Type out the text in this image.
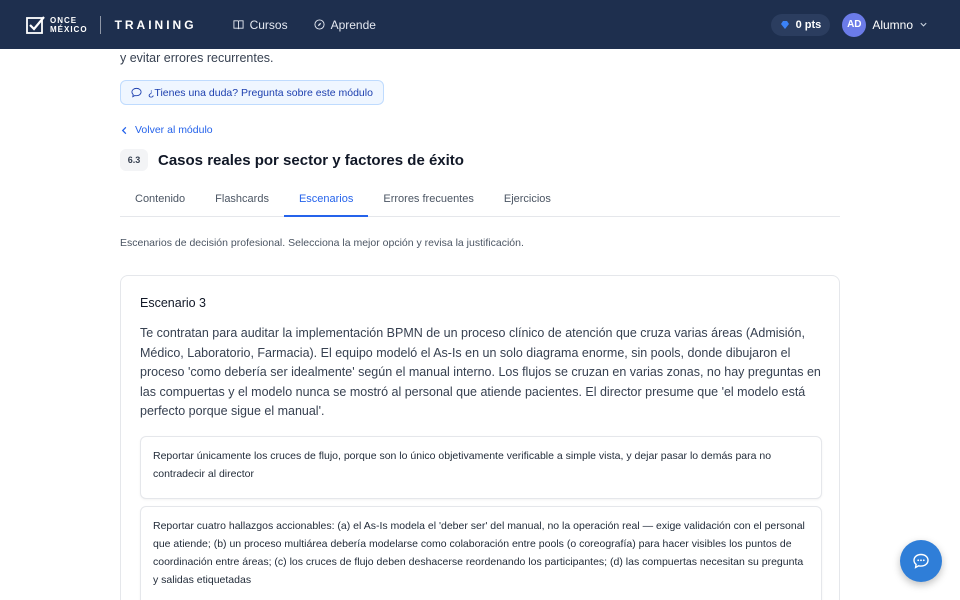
ONCE
MÉXICO TRAINING	Cursos	Aprende	0 pts	AD Alumno
y evitar errores recurrentes.
¿Tienes una duda? Pregunta sobre este módulo
Volver al módulo
6.3	Casos reales por sector y factores de éxito
Contenido	Flashcards	Escenarios	Errores frecuentes	Ejercicios
Escenarios de decisión profesional. Selecciona la mejor opción y revisa la justificación.
Escenario 3
Te contratan para auditar la implementación BPMN de un proceso clínico de atención que cruza varias áreas (Admisión, Médico, Laboratorio, Farmacia). El equipo modeló el As-Is en un solo diagrama enorme, sin pools, donde dibujaron el proceso 'como debería ser idealmente' según el manual interno. Los flujos se cruzan en varias zonas, no hay preguntas en las compuertas y el modelo nunca se mostró al personal que atiende pacientes. El director presume que 'el modelo está perfecto porque sigue el manual'.
Reportar únicamente los cruces de flujo, porque son lo único objetivamente verificable a simple vista, y dejar pasar lo demás para no contradecir al director
Reportar cuatro hallazgos accionables: (a) el As-Is modela el 'deber ser' del manual, no la operación real — exige validación con el personal que atiende; (b) un proceso multiárea debería modelarse como colaboración entre pools (o coreografía) para hacer visibles los puntos de coordinación entre áreas; (c) los cruces de flujo deben deshacerse reordenando los participantes; (d) las compuertas necesitan su pregunta y salidas etiquetadas
